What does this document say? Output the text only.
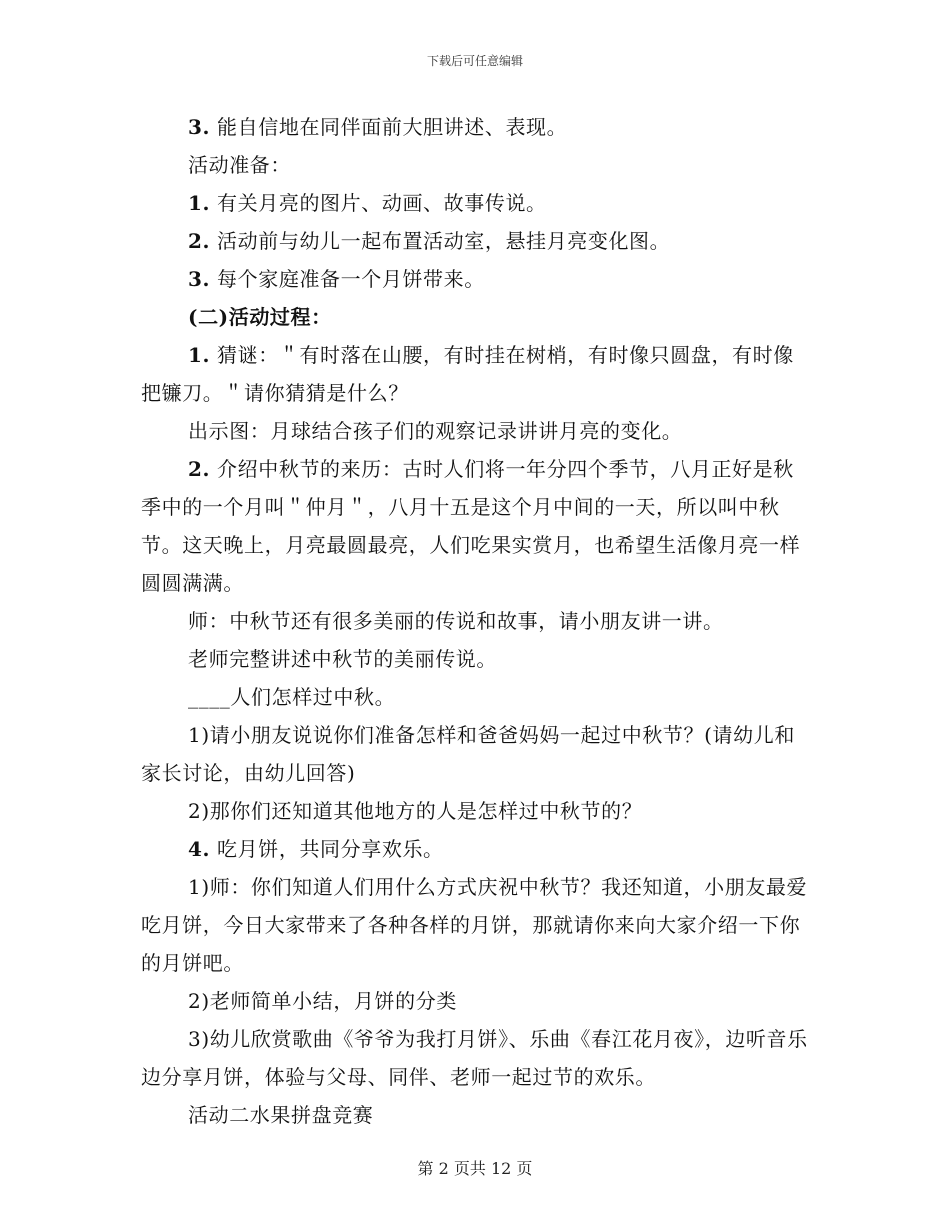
下载后可任意编辑

3. 能自信地在同伴面前大胆讲述、表现。

活动准备：

1. 有关月亮的图片、动画、故事传说。

2. 活动前与幼儿一起布置活动室，悬挂月亮变化图。

3. 每个家庭准备一个月饼带来。

(二)活动过程：

1. 猜谜：＂有时落在山腰，有时挂在树梢，有时像只圆盘，有时像把镰刀。＂请你猜猜是什么？

出示图：月球结合孩子们的观察记录讲讲月亮的变化。

2. 介绍中秋节的来历：古时人们将一年分四个季节，八月正好是秋季中的一个月叫＂仲月＂，八月十五是这个月中间的一天，所以叫中秋节。这天晚上，月亮最圆最亮，人们吃果实赏月，也希望生活像月亮一样圆圆满满。

师：中秋节还有很多美丽的传说和故事，请小朋友讲一讲。

老师完整讲述中秋节的美丽传说。

____人们怎样过中秋。

1)请小朋友说说你们准备怎样和爸爸妈妈一起过中秋节？(请幼儿和家长讨论，由幼儿回答)

2)那你们还知道其他地方的人是怎样过中秋节的？

4. 吃月饼，共同分享欢乐。

1)师：你们知道人们用什么方式庆祝中秋节？我还知道，小朋友最爱吃月饼，今日大家带来了各种各样的月饼，那就请你来向大家介绍一下你的月饼吧。

2)老师简单小结，月饼的分类

3)幼儿欣赏歌曲《爷爷为我打月饼》、乐曲《春江花月夜》，边听音乐边分享月饼，体验与父母、同伴、老师一起过节的欢乐。

活动二水果拼盘竞赛

第 2 页共 12 页
